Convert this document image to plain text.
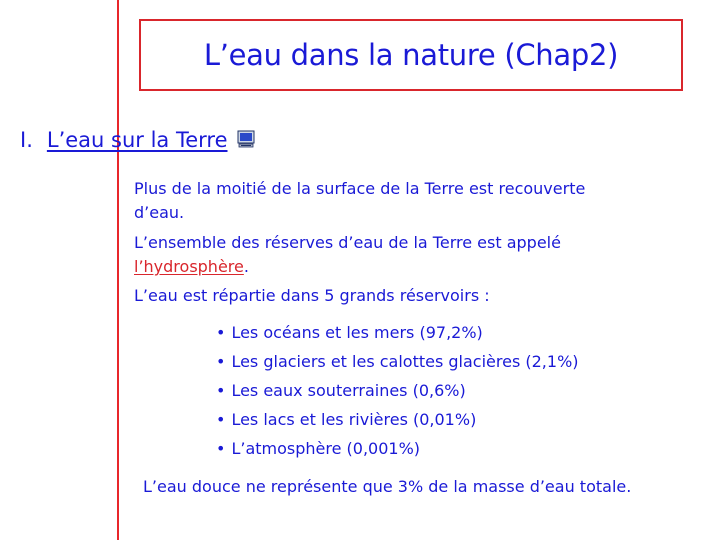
L’eau dans la nature (Chap2)
I. L’eau sur la Terre
Plus de la moitié de la surface de la Terre est recouverte
d’eau.
L’ensemble des réserves d’eau de la Terre est appelé
l’hydrosphère.
L’eau est répartie dans 5 grands réservoirs :
• Les océans et les mers (97,2%)
• Les glaciers et les calottes glacières (2,1%)
• Les eaux souterraines (0,6%)
• Les lacs et les rivières (0,01%)
• L’atmosphère (0,001%)
L’eau douce ne représente que 3% de la masse d’eau totale.
